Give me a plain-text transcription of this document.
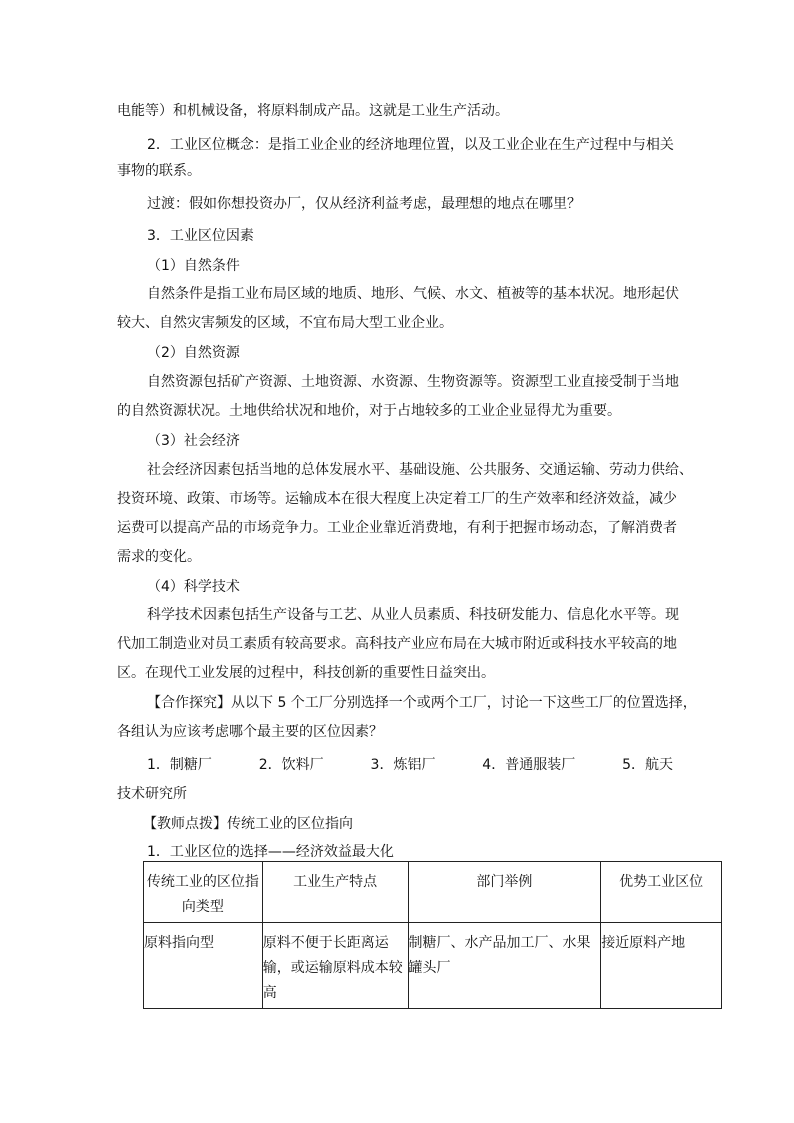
电能等）和机械设备，将原料制成产品。这就是工业生产活动。
2．工业区位概念：是指工业企业的经济地理位置，以及工业企业在生产过程中与相关
事物的联系。
过渡：假如你想投资办厂，仅从经济利益考虑，最理想的地点在哪里？
3．工业区位因素
（1）自然条件
自然条件是指工业布局区域的地质、地形、气候、水文、植被等的基本状况。地形起伏
较大、自然灾害频发的区域，不宜布局大型工业企业。
（2）自然资源
自然资源包括矿产资源、土地资源、水资源、生物资源等。资源型工业直接受制于当地
的自然资源状况。土地供给状况和地价，对于占地较多的工业企业显得尤为重要。
（3）社会经济
社会经济因素包括当地的总体发展水平、基础设施、公共服务、交通运输、劳动力供给、
投资环境、政策、市场等。运输成本在很大程度上决定着工厂的生产效率和经济效益，减少
运费可以提高产品的市场竞争力。工业企业靠近消费地，有利于把握市场动态，了解消费者
需求的变化。
（4）科学技术
科学技术因素包括生产设备与工艺、从业人员素质、科技研发能力、信息化水平等。现
代加工制造业对员工素质有较高要求。高科技产业应布局在大城市附近或科技水平较高的地
区。在现代工业发展的过程中，科技创新的重要性日益突出。
【合作探究】从以下 5 个工厂分别选择一个或两个工厂，讨论一下这些工厂的位置选择，
各组认为应该考虑哪个最主要的区位因素？
1．制糖厂	2．饮料厂	3．炼铝厂	4．普通服装厂	5．航天
技术研究所
【教师点拨】传统工业的区位指向
1．工业区位的选择——经济效益最大化
传统工业的区位指向类型	工业生产特点	部门举例	优势工业区位
原料指向型	原料不便于长距离运输，或运输原料成本较高	制糖厂、水产品加工厂、水果罐头厂	接近原料产地
